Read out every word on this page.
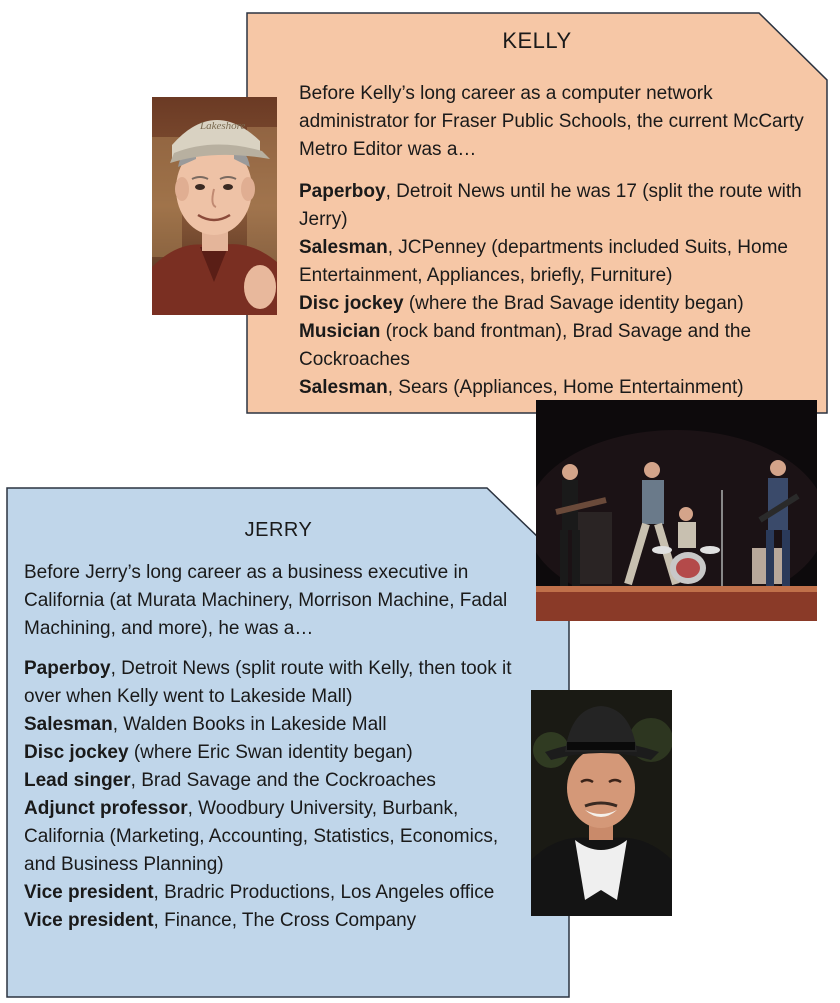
KELLY
Before Kelly’s long career as a computer network administrator for Fraser Public Schools, the current McCarty Metro Editor was a…

Paperboy, Detroit News until he was 17 (split the route with Jerry)

Salesman, JCPenney (departments included Suits, Home Entertainment, Appliances, briefly, Furniture)

Disc jockey (where the Brad Savage identity began)

Musician (rock band frontman), Brad Savage and the Cockroaches

Salesman, Sears (Appliances, Home Entertainment)

JERRY
Before Jerry’s long career as a business executive in California (at Murata Machinery, Morrison Machine, Fadal Machining, and more), he was a…

Paperboy, Detroit News (split route with Kelly, then took it over when Kelly went to Lakeside Mall)

Salesman, Walden Books in Lakeside Mall

Disc jockey (where Eric Swan identity began)

Lead singer, Brad Savage and the Cockroaches

Adjunct professor, Woodbury University, Burbank, California (Marketing, Accounting, Statistics, Economics, and Business Planning)

Vice president, Bradric Productions, Los Angeles office

Vice president, Finance, The Cross Company

Lakeshore
